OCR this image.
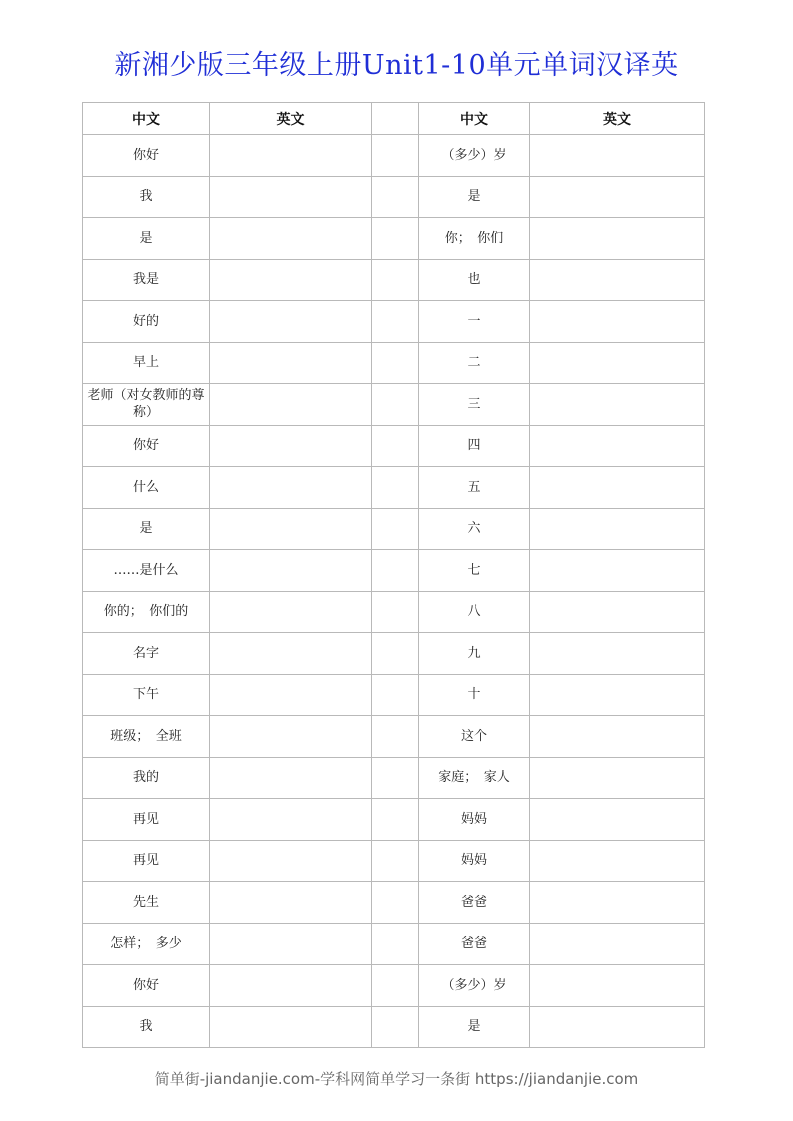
新湘少版三年级上册Unit1-10单元单词汉译英
中文	英文		中文	英文
你好			（多少）岁	
我			是	
是			你；　你们	
我是			也	
好的			一	
早上			二	
老师（对女教师的尊称）			三	
你好			四	
什么			五	
是			六	
……是什么			七	
你的；　你们的			八	
名字			九	
下午			十	
班级；　全班			这个	
我的			家庭；　家人	
再见			妈妈	
再见			妈妈	
先生			爸爸	
怎样；　多少			爸爸	
你好			（多少）岁	
我			是	
简单街-jiandanjie.com-学科网简单学习一条街 https://jiandanjie.com
